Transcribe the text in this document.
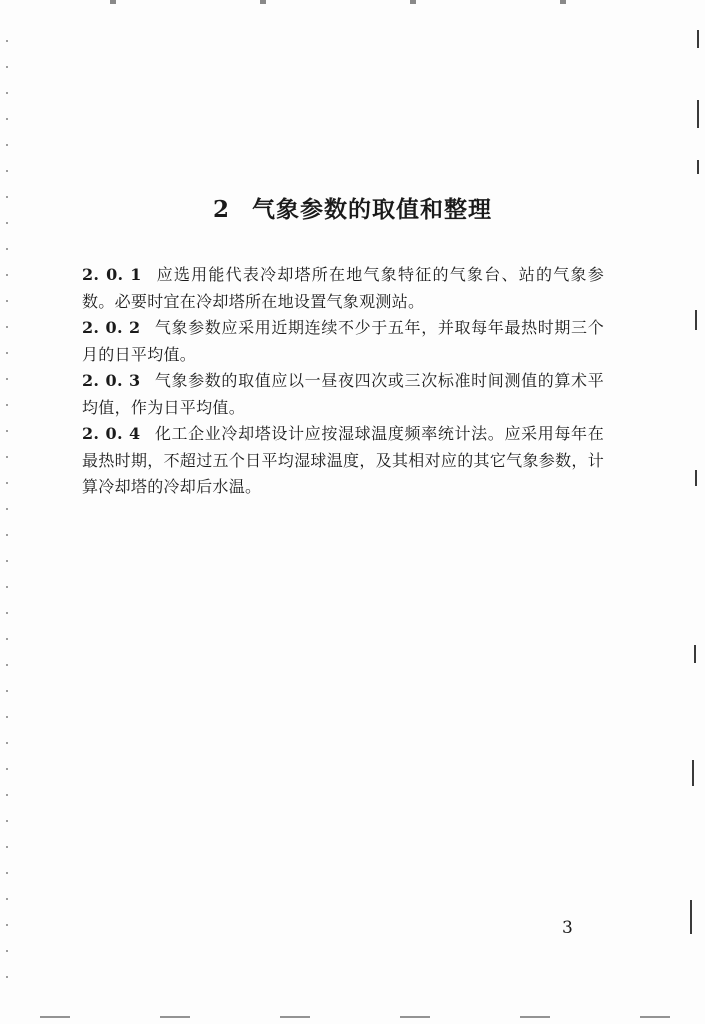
2 气象参数的取值和整理

2. 0. 1 应选用能代表冷却塔所在地气象特征的气象台、站的气象参数。必要时宜在冷却塔所在地设置气象观测站。

2. 0. 2 气象参数应采用近期连续不少于五年，并取每年最热时期三个月的日平均值。

2. 0. 3 气象参数的取值应以一昼夜四次或三次标准时间测值的算术平均值，作为日平均值。

2. 0. 4 化工企业冷却塔设计应按湿球温度频率统计法。应采用每年在最热时期，不超过五个日平均湿球温度，及其相对应的其它气象参数，计算冷却塔的冷却后水温。

3
